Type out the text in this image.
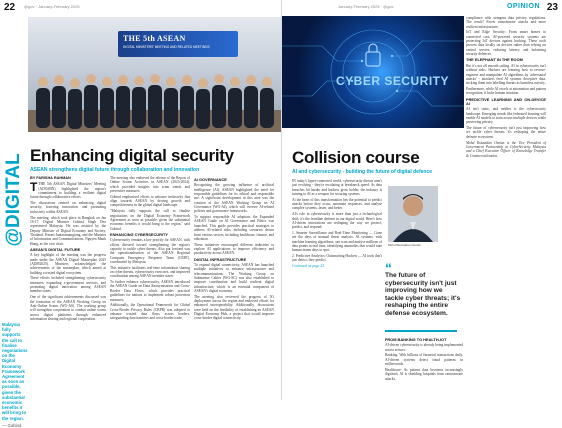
22 @gov · January-February 2025
THE 5th ASEAN
DIGITAL MINISTERS' MEETING AND RELATED MEETINGS
@DIGITAL Enhancing digital security
ASEAN strengthens digital future through collaboration and innovation
Malaysia fully supports the call to finalise negotiations on the Digital Economy Framework Agreement as soon as possible, given the substantial economic benefits it will bring to the region.
— Gobind
BY FARISHA RAHMAN

TTHE 5th ASEAN Digital Ministers' Meeting (ADGMIN) highlighted the region's commitment to building a resilient digital future through collaborative efforts.

The discussions centred on enhancing digital security, fostering innovation, and promoting inclusivity within ASEAN.

The meeting, which took place in Bangkok on Jan 16-17, Digital Minister Gobind Singh Deo represented Malaysia. He was assisted by the Deputy Minister of Digital Economy and Society, Thailand, Prasert Jantararuangtong, and the Minister of Information and Communications, Nguyen Manh Hung, as the vice chair.

ASEAN'S DIGITAL FUTURE

A key highlight of the meeting was the progress made under the ASEAN Digital Masterplan 2025 (ADM2025). Ministers acknowledged the achievements of the masterplan, which aimed at building a trusted digital ecosystem.

These efforts included strengthening cybersecurity measures, expanding e-government services, and promoting digital innovation among ASEAN member states.

One of the significant achievements discussed was the formation of the ASEAN Working Group on Anti-Online Scams (WG-AS). The working group will strengthen cooperation to combat online scams across digital platforms through enhanced information sharing and regional cooperation.

The meeting also endorsed the release of the Report of Online Scams Activities in ASEAN (2023-2024), which provided insights into scam trends and preventive measures.

Gobind emphasised efforts to advance inclusivity that align towards ASEAN by driving growth and competitiveness in the global digital landscape.

"Malaysia fully supports the call to finalise negotiations on the Digital Economy Framework Agreement as soon as possible, given the substantial economic benefits it would bring to the region," said Gobind.

ENHANCING CYBERSECURITY

Cybersecurity remains a key priority for ASEAN, with efforts directed toward strengthening the region's capacity to tackle cyber threats. Also put forward was the operationalisation of the ASEAN Regional Computer Emergency Response Team (CERT), coordinated by Malaysia.

This initiative facilitates real-time information sharing on cyber threats, cybersecurity exercises, and improved coordination among ASEAN member states.

To further enhance cybersecurity, ASEAN introduced the ASEAN Guide on Data Anonymisation and Cross-Border Data Flows, which provides practical guidelines for nations to implement robust protection measures.

Additionally, the Operational Framework for Global Cross-Border Privacy Rules (CBPR) was adopted to enhance trusted data flows across borders, safeguarding data transfers and cross-border trade.

AI GOVERNANCE

Recognising the growing influence of artificial intelligence (AI), ASEAN highlighted the need for responsible guidelines for its ethical and responsible use. A significant development in this area was the creation of the ASEAN Working Group on AI Governance (WG-AI), which will oversee AI-related policies and governance frameworks.

To support responsible AI adoption, the Expanded ASEAN Guide on AI Governance and Ethics was launched. This guide provides practical strategies to address AI-related risks, including scenarios drawn from various sectors, including healthcare, finance, and education.

These initiatives encouraged different industries to explore AI applications to improve efficiency and productivity across ASEAN.

DIGITAL INFRASTRUCTURE

To expand digital connectivity, ASEAN has launched multiple initiatives to enhance infrastructure and telecommunications. The Working Group on Submarine Cables (WG-SC) was also established to improve coordination and build resilient digital infrastructure, which is an essential component of ASEAN's digital economy.

The meeting also reviewed the progress of 5G deployment across the region and endorsed efforts for enhanced interoperability. Additionally, discussions were held on the feasibility of establishing an ASEAN Digital Economy Hub, a project that would improve cross-border digital connectivity.

January-February 2025 · @gov	OPINION 23
CYBER SECURITY
Collision course
AI and cybersecurity - building the future of digital defence

IN today's hyper-connected world, cybersecurity threats aren't just evolving - they're escalating at breakneck speed. As data breaches hit harder and hackers grow bolder, the industry is turning to AI as a weapon for securing systems.

At the heart of this transformation lies the potential to predict attacks before they occur, automate responses, and analyse complex systems, faster, and better.

AI's role in cybersecurity is more than just a technological shift; it's the frontline defence in our digital world. Here's how AI-driven innovations are reshaping the way we protect, predict, and respond:

1. Smarter Surveillance and Real-Time Monitoring — Gone are the days of manual threat analysis. AI systems, with machine learning algorithms, can scan and analyse millions of data points in real time, identifying anomalies that would take human teams days to spot.

2. Predictive Analytics: Outsmarting Hackers — AI tools don't just detect; they predict.

Continued on page 24

Mohd Roszaidan Osman
“
The future of cybersecurity isn't just improving how we tackle cyber threats; it's reshaping the entire defense ecosystem.

compliance with stringent data privacy regulations. The result? Fewer ransomware attacks and more resilient infrastructure.

IoT and Edge Security: From smart homes to connected cars, AI-powered security systems are protecting IoT devices against hacking. These tools process data locally on devices rather than relying on central servers, reducing latency and bolstering security defences.

THE ELEPHANT IN THE ROOM

But it's not all smooth sailing. AI in cybersecurity isn't without risks. Hackers are learning how to reverse-engineer and manipulate AI algorithms by 'adversarial attacks' - attackers feed AI systems deceptive data, tricking them into labelling threats as harmless activity.

Furthermore, while AI excels at automation and pattern recognition, it lacks human intuition.

PREDICTIVE LEARNING AND ON-DEVICE AI

AI isn't static, and neither is the cybersecurity landscape. Emerging trends like federated learning will enable AI models to train across multiple devices while preserving privacy.

The future of cybersecurity isn't just improving how we tackle cyber threats; it's reshaping the entire defense ecosystem.

Mohd Roszaidan Osman is the Vice President of Government Partnership at CyberSecurity Malaysia and a Chief Executive Officer of Knowledge Transfer & Commercialisation.

FROM BANKING TO HEALTH-IOT

AI-driven cybersecurity is already being implemented across sectors:

Banking: With billions of financial transactions daily, AI-driven systems detect fraud patterns in milliseconds.

Healthcare: As patient data becomes increasingly digitised, AI is shielding hospitals from ransomware attacks.
